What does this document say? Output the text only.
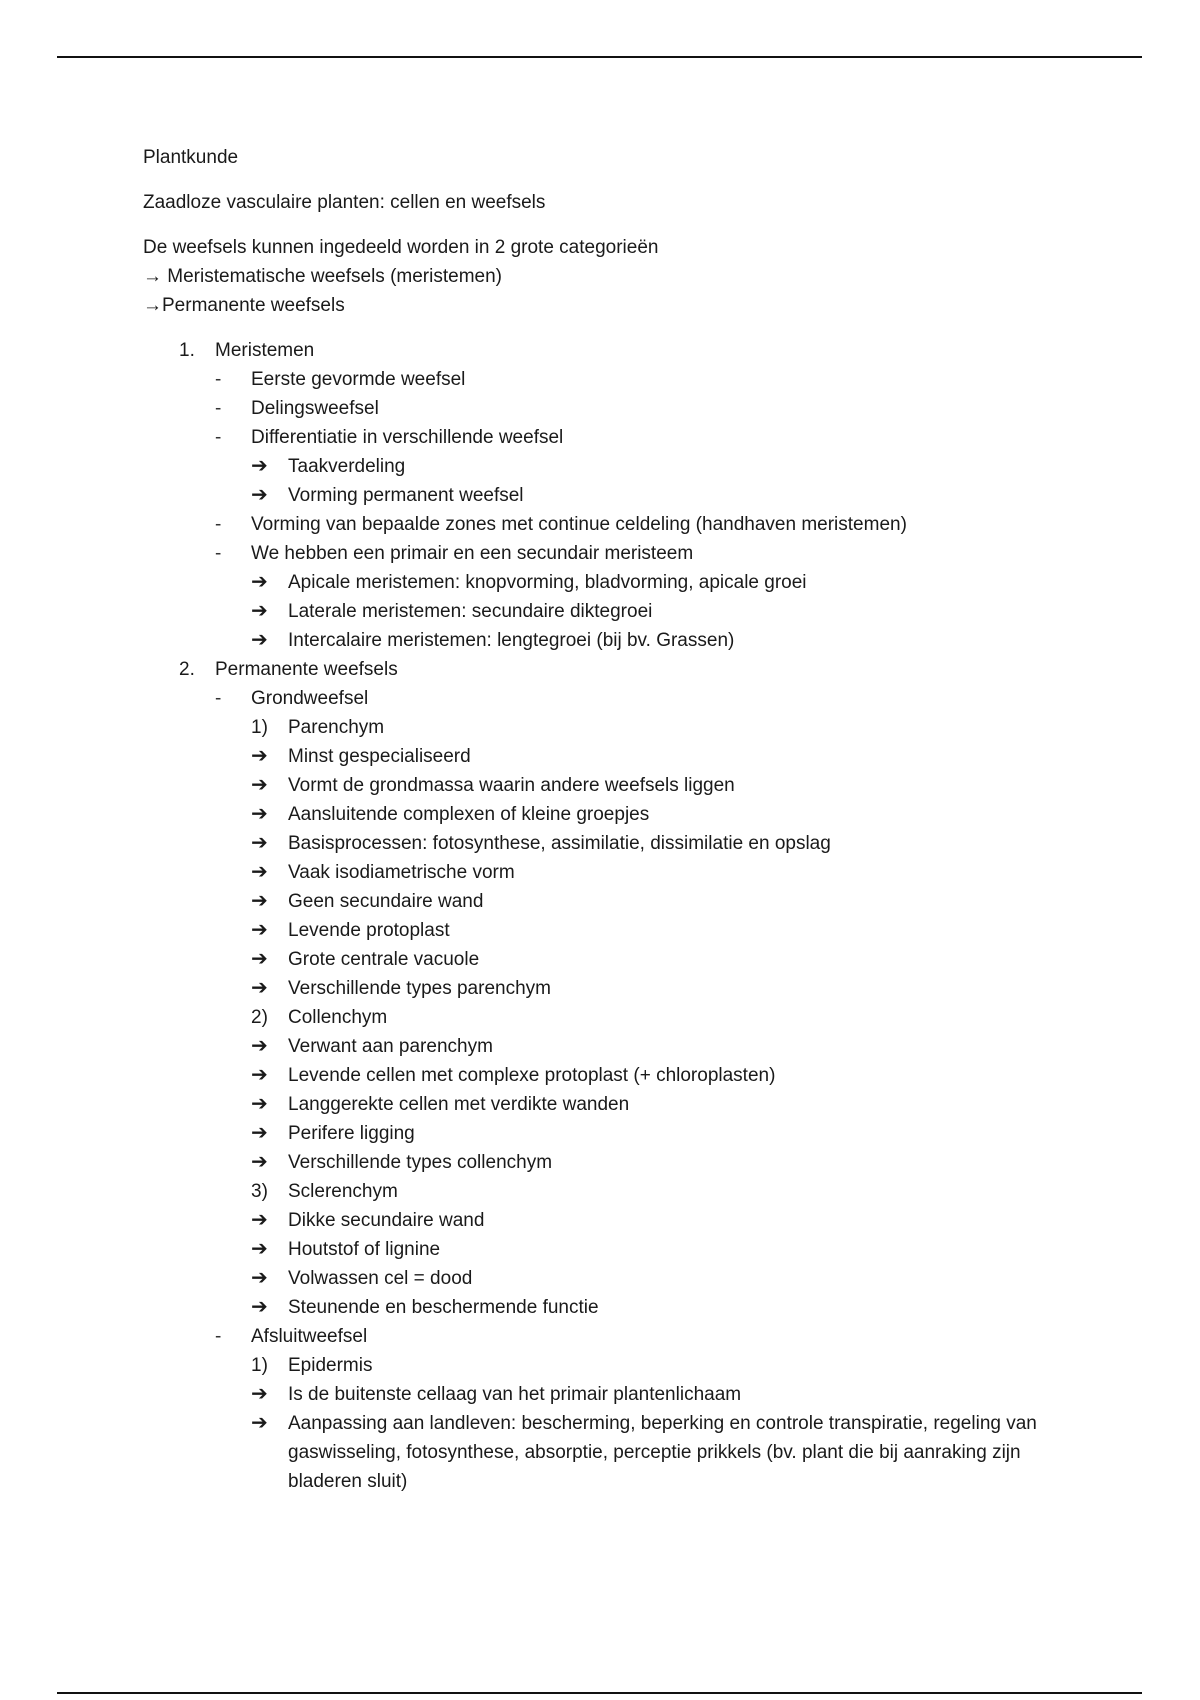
Plantkunde

Zaadloze vasculaire planten: cellen en weefsels

De weefsels kunnen ingedeeld worden in 2 grote categorieën

→ Meristematische weefsels (meristemen)

→Permanente weefsels

1.	Meristemen
-	Eerste gevormde weefsel
-	Delingsweefsel
-	Differentiatie in verschillende weefsel
➔	Taakverdeling
➔	Vorming permanent weefsel
-	Vorming van bepaalde zones met continue celdeling (handhaven meristemen)
-	We hebben een primair en een secundair meristeem
➔	Apicale meristemen: knopvorming, bladvorming, apicale groei
➔	Laterale meristemen: secundaire diktegroei
➔	Intercalaire meristemen: lengtegroei (bij bv. Grassen)
2.	Permanente weefsels
-	Grondweefsel
1)	Parenchym
➔	Minst gespecialiseerd
➔	Vormt de grondmassa waarin andere weefsels liggen
➔	Aansluitende complexen of kleine groepjes
➔	Basisprocessen: fotosynthese, assimilatie, dissimilatie en opslag
➔	Vaak isodiametrische vorm
➔	Geen secundaire wand
➔	Levende protoplast
➔	Grote centrale vacuole
➔	Verschillende types parenchym
2)	Collenchym
➔	Verwant aan parenchym
➔	Levende cellen met complexe protoplast (+ chloroplasten)
➔	Langgerekte cellen met verdikte wanden
➔	Perifere ligging
➔	Verschillende types collenchym
3)	Sclerenchym
➔	Dikke secundaire wand
➔	Houtstof of lignine
➔	Volwassen cel = dood
➔	Steunende en beschermende functie
-	Afsluitweefsel
1)	Epidermis
➔	Is de buitenste cellaag van het primair plantenlichaam
➔	Aanpassing aan landleven: bescherming, beperking en controle transpiratie, regeling van gaswisseling, fotosynthese, absorptie, perceptie prikkels (bv. plant die bij aanraking zijn bladeren sluit)
